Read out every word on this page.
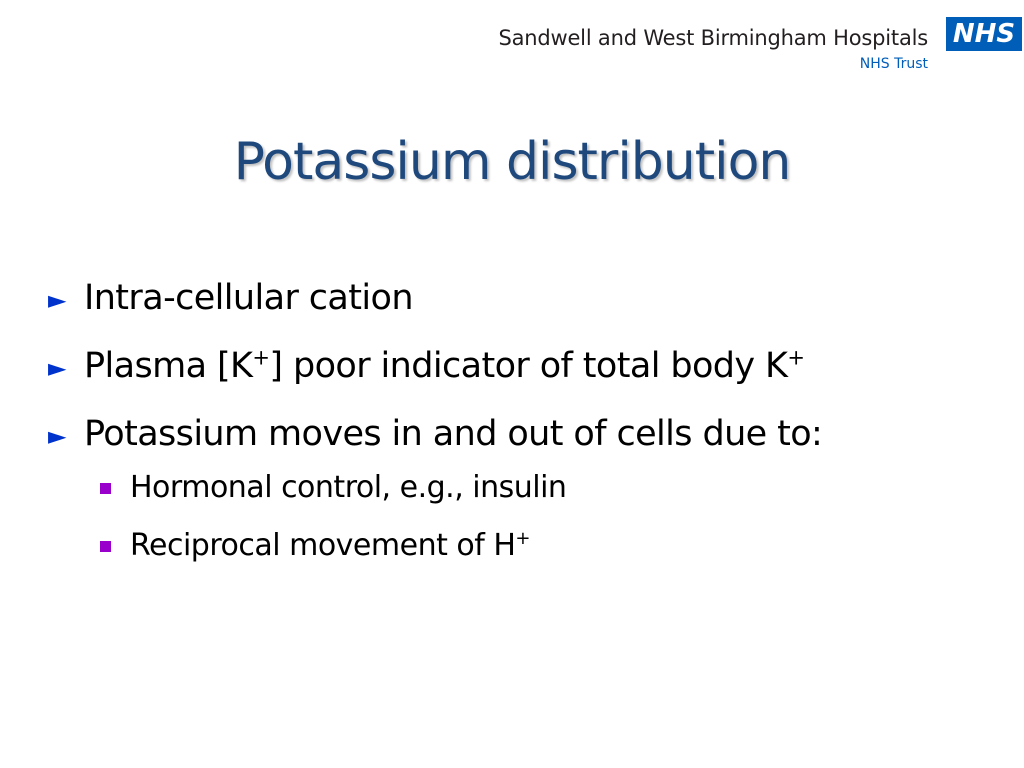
Sandwell and West Birmingham Hospitals
NHS Trust
NHS
Potassium distribution
► Intra-cellular cation
► Plasma [K+] poor indicator of total body K+
► Potassium moves in and out of cells due to:
Hormonal control, e.g., insulin
Reciprocal movement of H+
